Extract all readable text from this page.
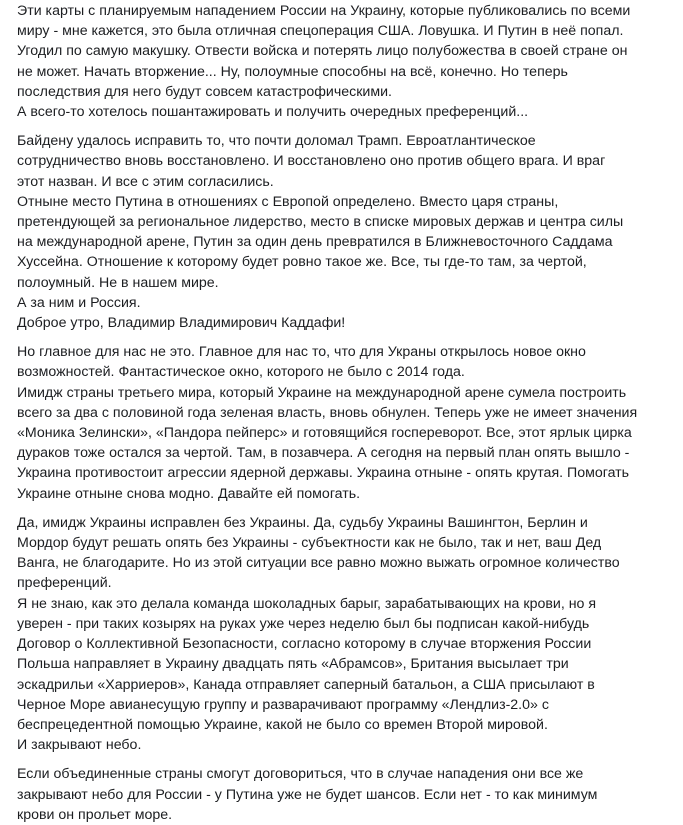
Эти карты с планируемым нападением России на Украину, которые публиковались по всеми
миру - мне кажется, это была отличная спецоперация США. Ловушка. И Путин в неё попал.
Угодил по самую макушку. Отвести войска и потерять лицо полубожества в своей стране он
не может. Начать вторжение... Ну, полоумные способны на всё, конечно. Но теперь
последствия для него будут совсем катастрофическими.
А всего-то хотелось пошантажировать и получить очередных преференций...

Байдену удалось исправить то, что почти доломал Трамп. Евроатлантическое
сотрудничество вновь восстановлено. И восстановлено оно против общего врага. И враг
этот назван. И все с этим согласились.
Отныне место Путина в отношениях с Европой определено. Вместо царя страны,
претендующей за региональное лидерство, место в списке мировых держав и центра силы
на международной арене, Путин за один день превратился в Ближневосточного Саддама
Хуссейна. Отношение к которому будет ровно такое же. Все, ты где-то там, за чертой,
полоумный. Не в нашем мире.
А за ним и Россия.
Доброе утро, Владимир Владимирович Каддафи!

Но главное для нас не это. Главное для нас то, что для Украны открылось новое окно
возможностей. Фантастическое окно, которого не было с 2014 года.
Имидж страны третьего мира, который Украине на международной арене сумела построить
всего за два с половиной года зеленая власть, вновь обнулен. Теперь уже не имеет значения
«Моника Зелински», «Пандора пейперс» и готовящийся госпереворот. Все, этот ярлык цирка
дураков тоже остался за чертой. Там, в позавчера. А сегодня на первый план опять вышло -
Украина противостоит агрессии ядерной державы. Украина отныне - опять крутая. Помогать
Украине отныне снова модно. Давайте ей помогать.

Да, имидж Украины исправлен без Украины. Да, судьбу Украины Вашингтон, Берлин и
Мордор будут решать опять без Украины - субъектности как не было, так и нет, ваш Дед
Ванга, не благодарите. Но из этой ситуации все равно можно выжать огромное количество
преференций.
Я не знаю, как это делала команда шоколадных барыг, зарабатывающих на крови, но я
уверен - при таких козырях на руках уже через неделю был бы подписан какой-нибудь
Договор о Коллективной Безопасности, согласно которому в случае вторжения России
Польша направляет в Украину двадцать пять «Абрамсов», Британия высылает три
эскадрильи «Харриеров», Канада отправляет саперный батальон, а США присылают в
Черное Море авианесущую группу и разварачивают программу «Лендлиз-2.0» с
беспрецедентной помощью Украине, какой не было со времен Второй мировой.
И закрывают небо.

Если объединенные страны смогут договориться, что в случае нападения они все же
закрывают небо для России - у Путина уже не будет шансов. Если нет - то как минимум
крови он прольет море.
